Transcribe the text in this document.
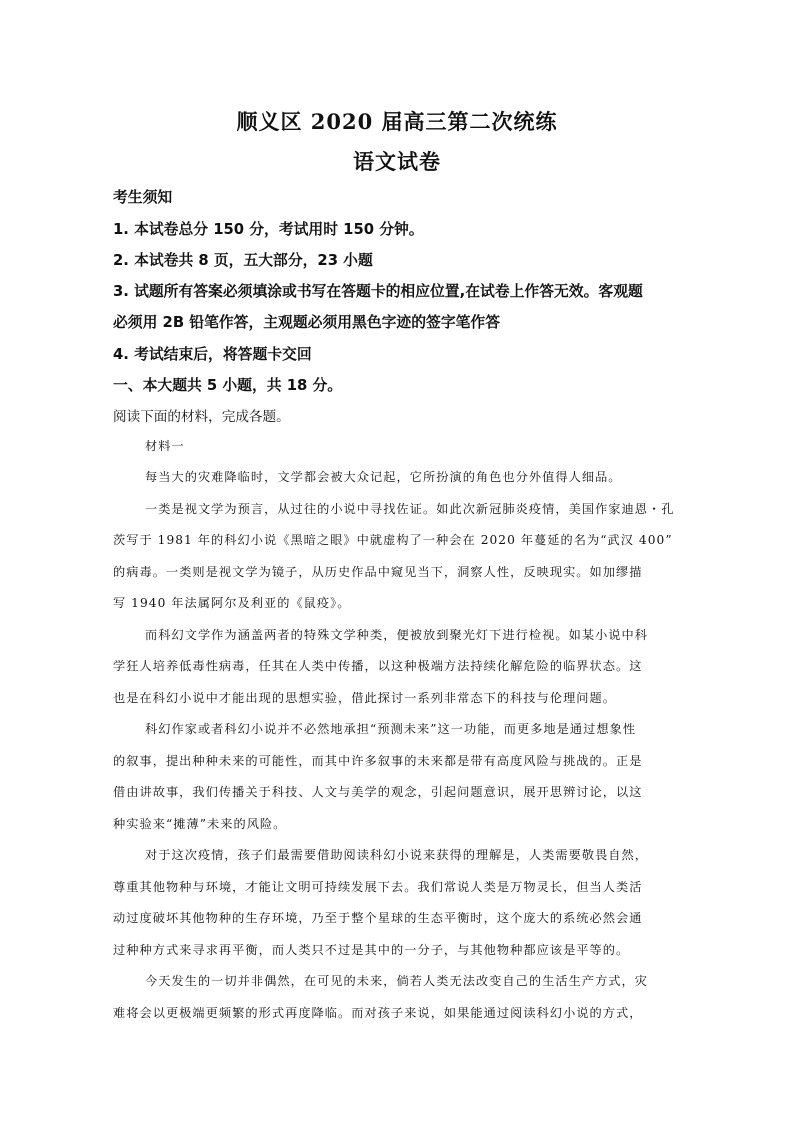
顺义区 2020 届高三第二次统练
语文试卷
考生须知
1. 本试卷总分 150 分，考试用时 150 分钟。
2. 本试卷共 8 页，五大部分，23 小题
3. 试题所有答案必须填涂或书写在答题卡的相应位置,在试卷上作答无效。客观题
必须用 2B 铅笔作答，主观题必须用黑色字迹的签字笔作答
4. 考试结束后，将答题卡交回
一、本大题共 5 小题，共 18 分。
阅读下面的材料，完成各题。
材料一
每当大的灾难降临时，文学都会被大众记起，它所扮演的角色也分外值得人细品。
一类是视文学为预言，从过往的小说中寻找佐证。如此次新冠肺炎疫情，美国作家迪恩・孔
茨写于 1981 年的科幻小说《黑暗之眼》中就虚构了一种会在 2020 年蔓延的名为“武汉 400”
的病毒。一类则是视文学为镜子，从历史作品中窥见当下，洞察人性，反映现实。如加缪描
写 1940 年法属阿尔及利亚的《鼠疫》。
而科幻文学作为涵盖两者的特殊文学种类，便被放到聚光灯下进行检视。如某小说中科
学狂人培养低毒性病毒，任其在人类中传播，以这种极端方法持续化解危险的临界状态。这
也是在科幻小说中才能出现的思想实验，借此探讨一系列非常态下的科技与伦理问题。
科幻作家或者科幻小说并不必然地承担“预测未来”这一功能，而更多地是通过想象性
的叙事，提出种种未来的可能性，而其中许多叙事的未来都是带有高度风险与挑战的。正是
借由讲故事，我们传播关于科技、人文与美学的观念，引起问题意识，展开思辨讨论，以这
种实验来“摊薄”未来的风险。
对于这次疫情，孩子们最需要借助阅读科幻小说来获得的理解是，人类需要敬畏自然，
尊重其他物种与环境，才能让文明可持续发展下去。我们常说人类是万物灵长，但当人类活
动过度破坏其他物种的生存环境，乃至于整个星球的生态平衡时，这个庞大的系统必然会通
过种种方式来寻求再平衡，而人类只不过是其中的一分子，与其他物种都应该是平等的。
今天发生的一切并非偶然，在可见的未来，倘若人类无法改变自己的生活生产方式，灾
难将会以更极端更频繁的形式再度降临。而对孩子来说，如果能通过阅读科幻小说的方式，
